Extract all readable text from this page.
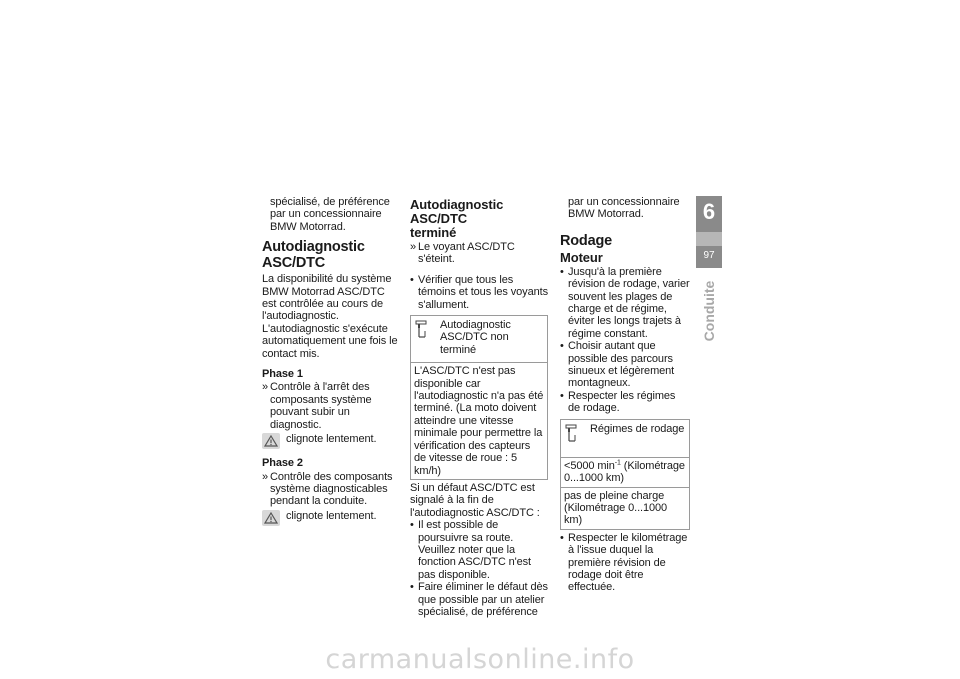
spécialisé, de préférence

par un concessionnaire

BMW Motorrad.

Autodiagnostic ASC/DTC

La disponibilité du système BMW Motorrad ASC/DTC est contrôlée au cours de l'autodiagnostic. L'autodiagnostic s'exécute automatiquement une fois le contact mis.

Phase 1
» Contrôle à l'arrêt des composants système pouvant subir un diagnostic.
clignote lentement.
Phase 2
» Contrôle des composants système diagnosticables pendant la conduite.
clignote lentement.
Autodiagnostic ASC/DTC
terminé
» Le voyant ASC/DTC s'éteint.
• Vérifier que tous les témoins et tous les voyants s'allument.
Autodiagnostic ASC/DTC non terminé
L'ASC/DTC n'est pas disponible car l'autodiagnostic n'a pas été terminé. (La moto doivent atteindre une vitesse minimale pour permettre la vérification des capteurs de vitesse de roue : 5 km/h)

Si un défaut ASC/DTC est signalé à la fin de l'autodiagnostic ASC/DTC :

• Il est possible de poursuivre sa route. Veuillez noter que la fonction ASC/DTC n'est pas disponible.
• Faire éliminer le défaut dès que possible par un atelier spécialisé, de préférence

par un concessionnaire

BMW Motorrad.

Rodage
Moteur
• Jusqu'à la première révision de rodage, varier souvent les plages de charge et de régime, éviter les longs trajets à régime constant.
• Choisir autant que possible des parcours sinueux et légèrement montagneux.
• Respecter les régimes de rodage.
Régimes de rodage
<5000 $\min^{-1}$ (Kilométrage 0...1000 km)
pas de pleine charge (Kilométrage 0...1000 km)
• Respecter le kilométrage à l'issue duquel la première révision de rodage doit être effectuée.
6
97
Conduite
carmanualsonline.info
